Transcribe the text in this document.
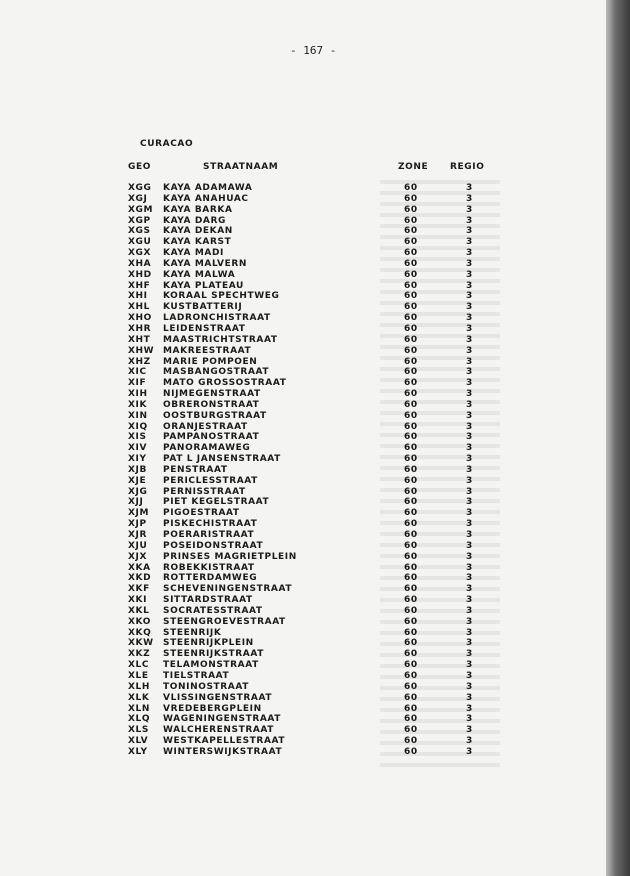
- 167 -
CURACAO
GEO	STRAATNAAM	ZONE REGIO
XGG KAYA ADAMAWA	60	3
XGJ KAYA ANAHUAC	60	3
XGM KAYA BARKA	60	3
XGP KAYA DARG	60	3
XGS KAYA DEKAN	60	3
XGU KAYA KARST	60	3
XGX KAYA MADI	60	3
XHA KAYA MALVERN	60	3
XHD KAYA MALWA	60	3
XHF KAYA PLATEAU	60	3
XHI KORAAL SPECHTWEG	60	3
XHL KUSTBATTERIJ	60	3
XHO LADRONCHISTRAAT	60	3
XHR LEIDENSTRAAT	60	3
XHT MAASTRICHTSTRAAT	60	3
XHW MAKREESTRAAT	60	3
XHZ MARIE POMPOEN	60	3
XIC MASBANGOSTRAAT	60	3
XIF MATO GROSSOSTRAAT	60	3
XIH NIJMEGENSTRAAT	60	3
XIK OBRERONSTRAAT	60	3
XIN OOSTBURGSTRAAT	60	3
XIQ ORANJESTRAAT	60	3
XIS PAMPANOSTRAAT	60	3
XIV PANORAMAWEG	60	3
XIY PAT L JANSENSTRAAT	60	3
XJB PENSTRAAT	60	3
XJE PERICLESSTRAAT	60	3
XJG PERNISSTRAAT	60	3
XJJ PIET KEGELSTRAAT	60	3
XJM PIGOESTRAAT	60	3
XJP PISKECHISTRAAT	60	3
XJR POERARISTRAAT	60	3
XJU POSEIDONSTRAAT	60	3
XJX PRINSES MAGRIETPLEIN	60	3
XKA ROBEKKISTRAAT	60	3
XKD ROTTERDAMWEG	60	3
XKF SCHEVENINGENSTRAAT	60	3
XKI SITTARDSTRAAT	60	3
XKL SOCRATESSTRAAT	60	3
XKO STEENGROEVESTRAAT	60	3
XKQ STEENRIJK	60	3
XKW STEENRIJKPLEIN	60	3
XKZ STEENRIJKSTRAAT	60	3
XLC TELAMONSTRAAT	60	3
XLE TIELSTRAAT	60	3
XLH TONINOSTRAAT	60	3
XLK VLISSINGENSTRAAT	60	3
XLN VREDEBERGPLEIN	60	3
XLQ WAGENINGENSTRAAT	60	3
XLS WALCHERENSTRAAT	60	3
XLV WESTKAPELLESTRAAT	60	3
XLY WINTERSWIJKSTRAAT	60	3
